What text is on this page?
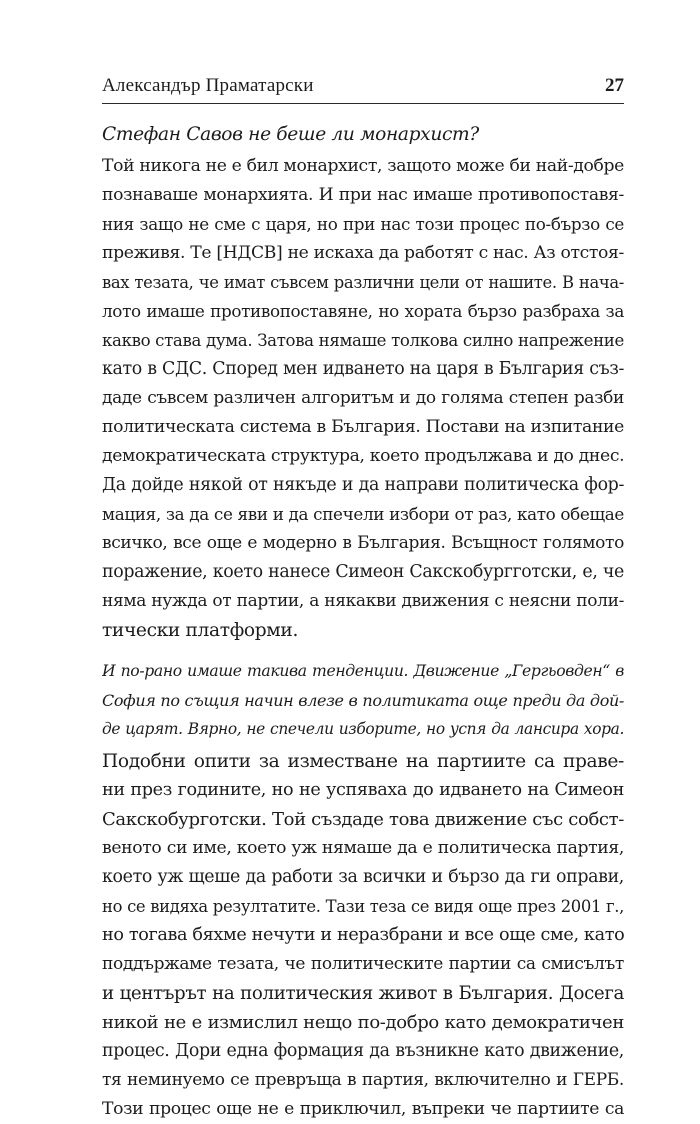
Александър Праматарски	27
Стефан Савов не беше ли монархист?
Той никога не е бил монархист, защото може би най-добре
познаваше монархията. И при нас имаше противопоставя-
ния защо не сме с царя, но при нас този процес по-бързо се
преживя. Те [НДСВ] не искаха да работят с нас. Аз отстоя-
вах тезата, че имат съвсем различни цели от нашите. В нача-
лото имаше противопоставяне, но хората бързо разбраха за
какво става дума. Затова нямаше толкова силно напрежение
като в СДС. Според мен идването на царя в България съз-
даде съвсем различен алгоритъм и до голяма степен разби
политическата система в България. Постави на изпитание
демократическата структура, което продължава и до днес.
Да дойде някой от някъде и да направи политическа фор-
мация, за да се яви и да спечели избори от раз, като обещае
всичко, все още е модерно в България. Всъщност голямото
поражение, което нанесе Симеон Сакскобургготски, е, че
няма нужда от партии, а някакви движения с неясни поли-
тически платформи.
И по-рано имаше такива тенденции. Движение „Гергьовден“ в
София по същия начин влезе в политиката още преди да дой-
де царят. Вярно, не спечели изборите, но успя да лансира хора.
Подобни опити за изместване на партиите са праве-
ни през годините, но не успяваха до идването на Симеон
Сакскобурготски. Той създаде това движение със собст-
веното си име, което уж нямаше да е политическа партия,
което уж щеше да работи за всички и бързо да ги оправи,
но се видяха резултатите. Тази теза се видя още през 2001 г.,
но тогава бяхме нечути и неразбрани и все още сме, като
поддържаме тезата, че политическите партии са смисълът
и центърът на политическия живот в България. Досега
никой не е измислил нещо по-добро като демократичен
процес. Дори една формация да възникне като движение,
тя неминуемо се превръща в партия, включително и ГЕРБ.
Този процес още не е приключил, въпреки че партиите са
